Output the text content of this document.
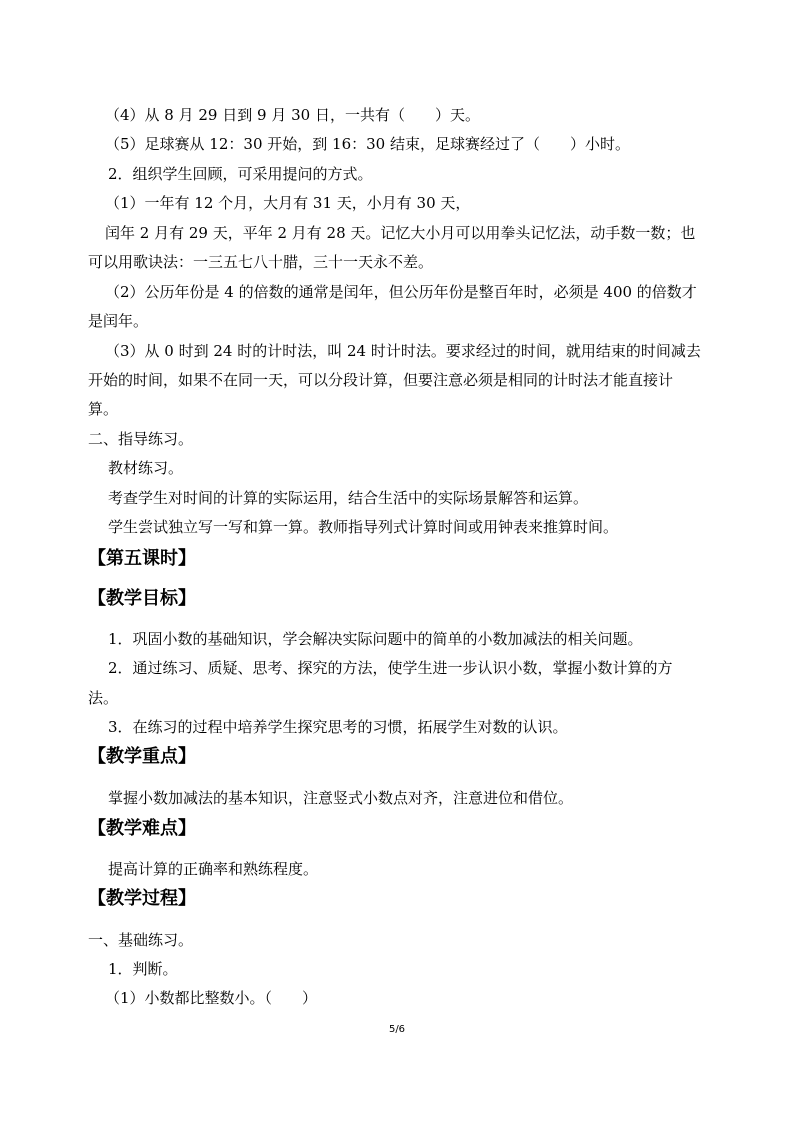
（4）从 8 月 29 日到 9 月 30 日，一共有（　　）天。
（5）足球赛从 12：30 开始，到 16：30 结束，足球赛经过了（　　）小时。
2．组织学生回顾，可采用提问的方式。
（1）一年有 12 个月，大月有 31 天，小月有 30 天，
闰年 2 月有 29 天，平年 2 月有 28 天。记忆大小月可以用拳头记忆法，动手数一数；也
可以用歌诀法：一三五七八十腊，三十一天永不差。
（2）公历年份是 4 的倍数的通常是闰年，但公历年份是整百年时，必须是 400 的倍数才
是闰年。
（3）从 0 时到 24 时的计时法，叫 24 时计时法。要求经过的时间，就用结束的时间减去
开始的时间，如果不在同一天，可以分段计算，但要注意必须是相同的计时法才能直接计
算。
二、指导练习。
教材练习。
考查学生对时间的计算的实际运用，结合生活中的实际场景解答和运算。
学生尝试独立写一写和算一算。教师指导列式计算时间或用钟表来推算时间。
【第五课时】
【教学目标】
1．巩固小数的基础知识，学会解决实际问题中的简单的小数加减法的相关问题。
2．通过练习、质疑、思考、探究的方法，使学生进一步认识小数，掌握小数计算的方
法。
3．在练习的过程中培养学生探究思考的习惯，拓展学生对数的认识。
【教学重点】
掌握小数加减法的基本知识，注意竖式小数点对齐，注意进位和借位。
【教学难点】
提高计算的正确率和熟练程度。
【教学过程】
一、基础练习。
1．判断。
（1）小数都比整数小。（　　）
5/6
